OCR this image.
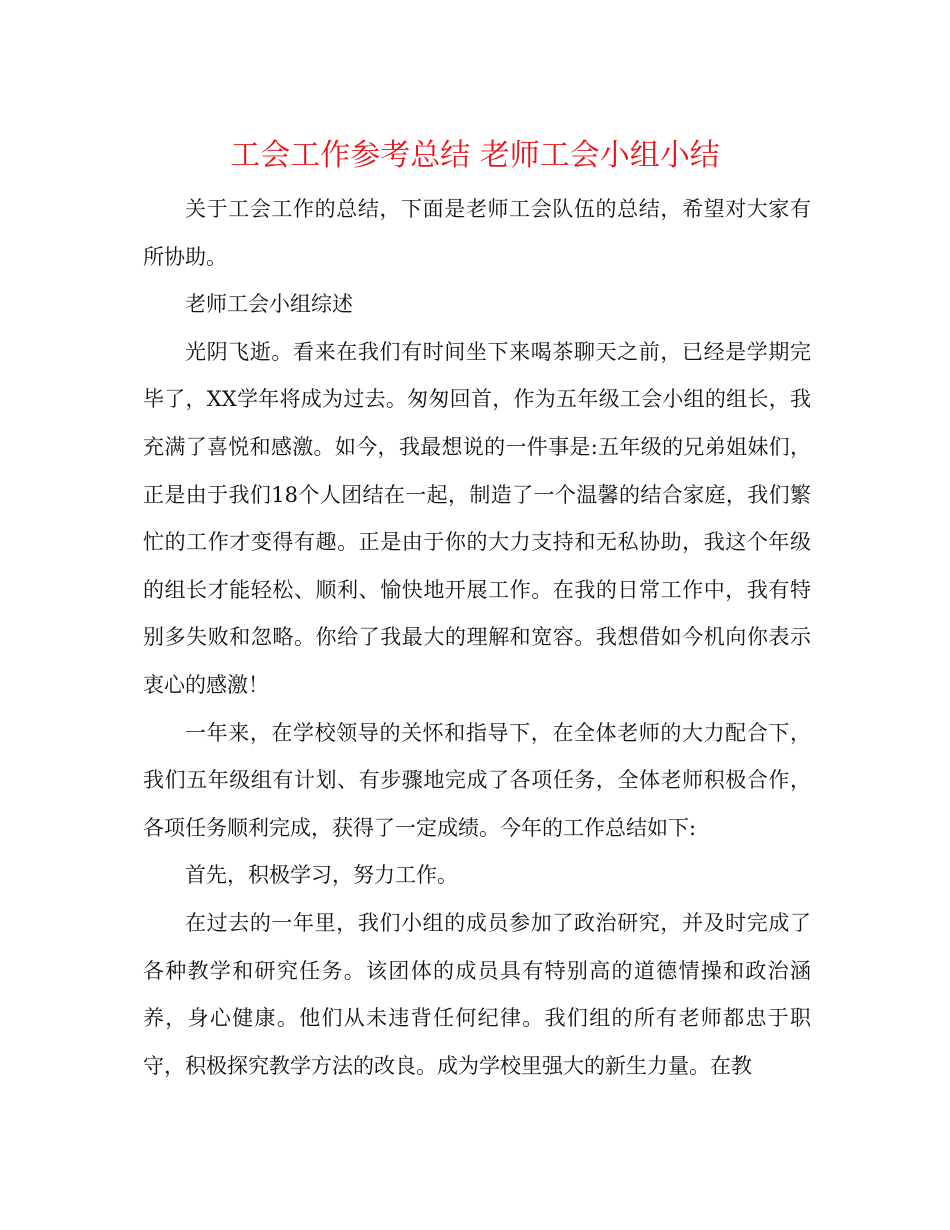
工会工作参考总结 老师工会小组小结

关于工会工作的总结，下面是老师工会队伍的总结，希望对大家有所协助。

老师工会小组综述

光阴飞逝。看来在我们有时间坐下来喝茶聊天之前，已经是学期完毕了，XX学年将成为过去。匆匆回首，作为五年级工会小组的组长，我充满了喜悦和感激。如今，我最想说的一件事是:五年级的兄弟姐妹们，正是由于我们18个人团结在一起，制造了一个温馨的结合家庭，我们繁忙的工作才变得有趣。正是由于你的大力支持和无私协助，我这个年级的组长才能轻松、顺利、愉快地开展工作。在我的日常工作中，我有特别多失败和忽略。你给了我最大的理解和宽容。我想借如今机向你表示衷心的感激！

一年来，在学校领导的关怀和指导下，在全体老师的大力配合下，我们五年级组有计划、有步骤地完成了各项任务，全体老师积极合作，各项任务顺利完成，获得了一定成绩。今年的工作总结如下:

首先，积极学习，努力工作。

在过去的一年里，我们小组的成员参加了政治研究，并及时完成了各种教学和研究任务。该团体的成员具有特别高的道德情操和政治涵养，身心健康。他们从未违背任何纪律。我们组的所有老师都忠于职守，积极探究教学方法的改良。成为学校里强大的新生力量。在教
